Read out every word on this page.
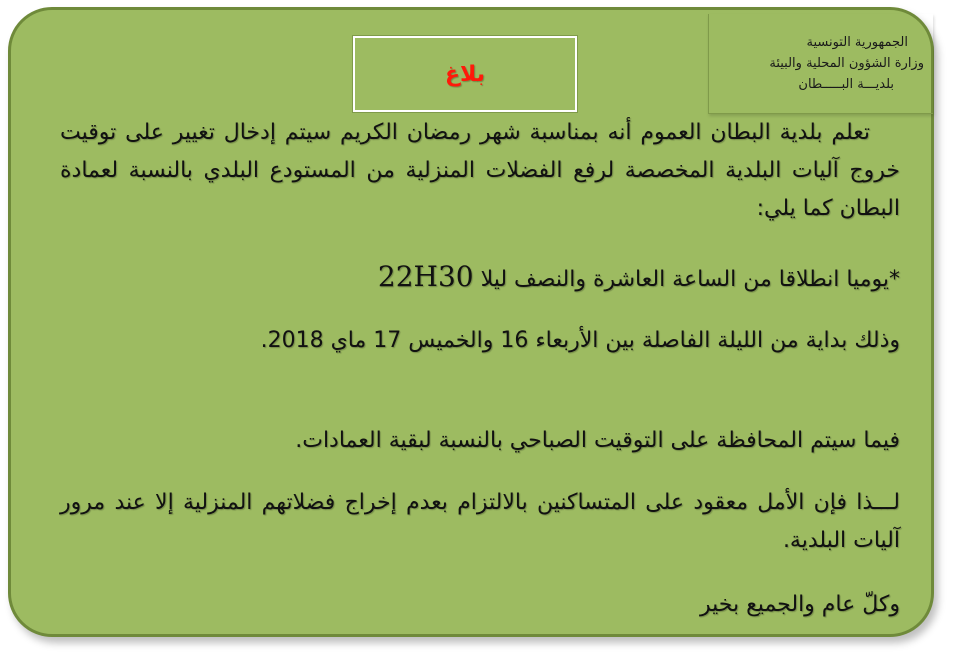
الجمهورية التونسية
وزارة الشؤون المحلية والبيئة
بلديـــة البـــــطان
بلاغ
تعلم بلدية البطان العموم أنه بمناسبة شهر رمضان الكريم سيتم إدخال تغيير على توقيت خروج آليات البلدية المخصصة لرفع الفضلات المنزلية من المستودع البلدي بالنسبة لعمادة البطان كما يلي:
*يوميا انطلاقا من الساعة العاشرة والنصف ليلا 22H30
وذلك بداية من الليلة الفاصلة بين الأربعاء 16 والخميس 17 ماي 2018.
فيما سيتم المحافظة على التوقيت الصباحي بالنسبة لبقية العمادات.
لـــذا فإن الأمل معقود على المتساكنين بالالتزام بعدم إخراج فضلاتهم المنزلية إلا عند مرور آليات البلدية.
وكلّ عام والجميع بخير
